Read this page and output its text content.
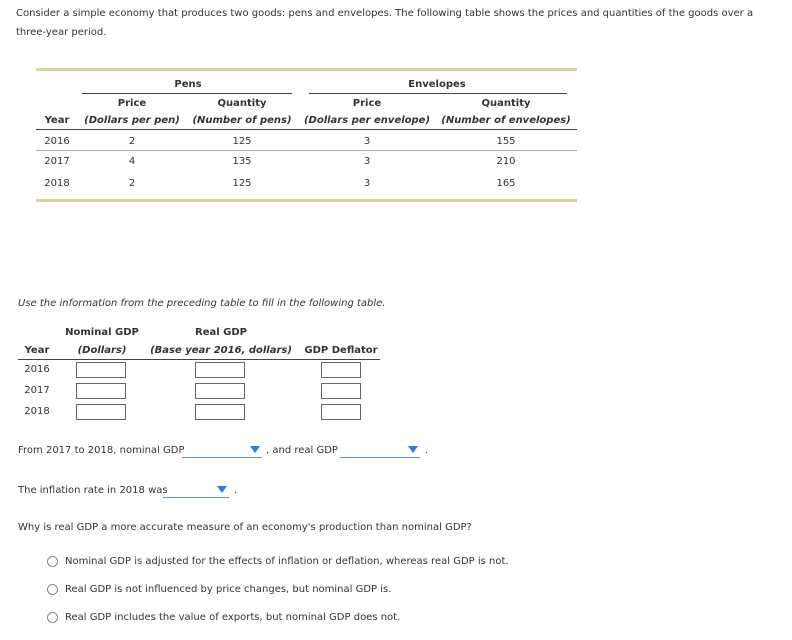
Consider a simple economy that produces two goods: pens and envelopes. The following table shows the prices and quantities of the goods over a three-year period.
Pens	Envelopes
Price	Quantity	Price	Quantity
Year (Dollars per pen) (Number of pens) (Dollars per envelope) (Number of envelopes)
2016	2	125	3	155
2017	4	135	3	210
2018	2	125	3	165
Use the information from the preceding table to fill in the following table.
Nominal GDP	Real GDP
Year	(Dollars) (Base year 2016, dollars) GDP Deflator
2016
2017
2018
From 2017 to 2018, nominal GDP	, and real GDP	.
The inflation rate in 2018 was	.
Why is real GDP a more accurate measure of an economy's production than nominal GDP?
Nominal GDP is adjusted for the effects of inflation or deflation, whereas real GDP is not.
Real GDP is not influenced by price changes, but nominal GDP is.
Real GDP includes the value of exports, but nominal GDP does not.
